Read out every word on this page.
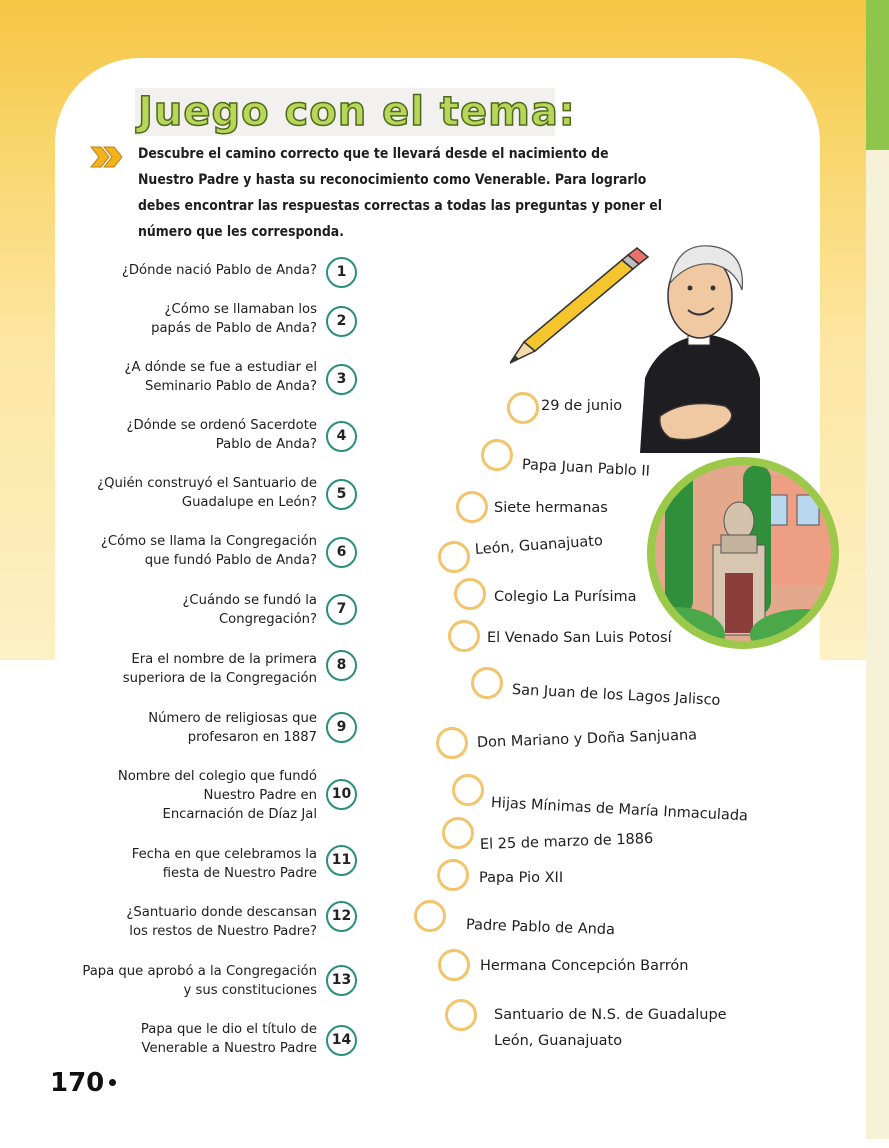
Juego con el tema:
Descubre el camino correcto que te llevará desde el nacimiento de Nuestro Padre y hasta su reconocimiento como Venerable. Para lograrlo debes encontrar las respuestas correctas a todas las preguntas y poner el número que les corresponda.
¿Dónde nació Pablo de Anda?	1
¿Cómo se llamaban los
papás de Pablo de Anda?	2
¿A dónde se fue a estudiar el
Seminario Pablo de Anda?	3
¿Dónde se ordenó Sacerdote
Pablo de Anda?
4
¿Quién construyó el Santuario de
Guadalupe en León?
5
¿Cómo se llama la Congregación
que fundó Pablo de Anda?
6
¿Cuándo se fundó la
Congregación?
7
Era el nombre de la primera
superiora de la Congregación
8
Número de religiosas que
profesaron en 1887
9
Nombre del colegio que fundó
Nuestro Padre en
Encarnación de Díaz Jal
10
Fecha en que celebramos la
fiesta de Nuestro Padre
11
¿Santuario donde descansan
los restos de Nuestro Padre?
12
Papa que aprobó a la Congregación
y sus constituciones
13
Papa que le dio el título de
Venerable a Nuestro Padre
14
29 de junio
Papa Juan Pablo II
Siete hermanas
León, Guanajuato
Colegio La Purísima
El Venado San Luis Potosí
San Juan de los Lagos Jalisco
Don Mariano y Doña Sanjuana
Hijas Mínimas de María Inmaculada
El 25 de marzo de 1886
Papa Pio XII
Padre Pablo de Anda
Hermana Concepción Barrón
Santuario de N.S. de Guadalupe
León, Guanajuato
170
